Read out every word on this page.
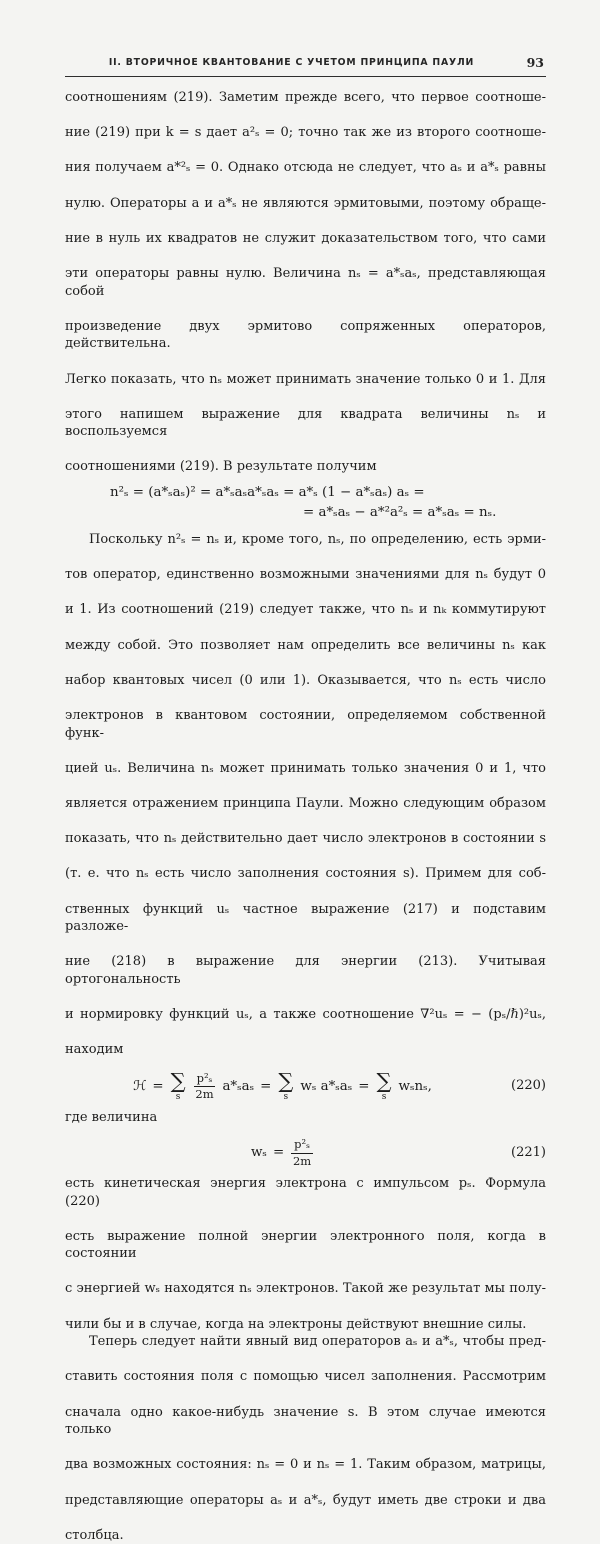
II. ВТОРИЧНОЕ КВАНТОВАНИЕ С УЧЕТОМ ПРИНЦИПА ПАУЛИ	93
соотношениям (219). Заметим прежде всего, что первое соотноше-
ние (219) при k = s дает a²ₛ = 0; точно так же из второго соотноше-
ния получаем a*²ₛ = 0. Однако отсюда не следует, что aₛ и a*ₛ равны
нулю. Операторы a и a*ₛ не являются эрмитовыми, поэтому обраще-
ние в нуль их квадратов не служит доказательством того, что сами
эти операторы равны нулю. Величина nₛ = a*ₛaₛ, представляющая собой
произведение двух эрмитово сопряженных операторов, действительна.
Легко показать, что nₛ может принимать значение только 0 и 1. Для
этого напишем выражение для квадрата величины nₛ и воспользуемся
соотношениями (219). В результате получим
n²ₛ = (a*ₛaₛ)² = a*ₛaₛa*ₛaₛ = a*ₛ (1 − a*ₛaₛ) aₛ =
= a*ₛaₛ − a*²a²ₛ = a*ₛaₛ = nₛ.
Поскольку n²ₛ = nₛ и, кроме того, nₛ, по определению, есть эрми-
тов оператор, единственно возможными значениями для nₛ будут 0
и 1. Из соотношений (219) следует также, что nₛ и nₖ коммутируют
между собой. Это позволяет нам определить все величины nₛ как
набор квантовых чисел (0 или 1). Оказывается, что nₛ есть число
электронов в квантовом состоянии, определяемом собственной функ-
цией uₛ. Величина nₛ может принимать только значения 0 и 1, что
является отражением принципа Паули. Можно следующим образом
показать, что nₛ действительно дает число электронов в состоянии s
(т. е. что nₛ есть число заполнения состояния s). Примем для соб-
ственных функций uₛ частное выражение (217) и подставим разложе-
ние (218) в выражение для энергии (213). Учитывая ортогональность
и нормировку функций uₛ, а также соотношение ∇²uₛ = − (pₛ/ℏ)²uₛ,
находим
ℋ = ∑
s $\frac{\text{p²ₛ}}{2m} a*_sa_s$ = ∑
s
wₛ a*ₛaₛ = ∑
s
wₛnₛ,	(220)
где величина
$w_s = \frac{\text{p²ₛ}}{2m}$	(221)
есть кинетическая энергия электрона с импульсом pₛ. Формула (220)
есть выражение полной энергии электронного поля, когда в состоянии
с энергией wₛ находятся nₛ электронов. Такой же результат мы полу-
чили бы и в случае, когда на электроны действуют внешние силы.
Теперь следует найти явный вид операторов aₛ и a*ₛ, чтобы пред-
ставить состояния поля с помощью чисел заполнения. Рассмотрим
сначала одно какое-нибудь значение s. В этом случае имеются только
два возможных состояния: nₛ = 0 и nₛ = 1. Таким образом, матрицы,
представляющие операторы aₛ и a*ₛ, будут иметь две строки и два
столбца.
